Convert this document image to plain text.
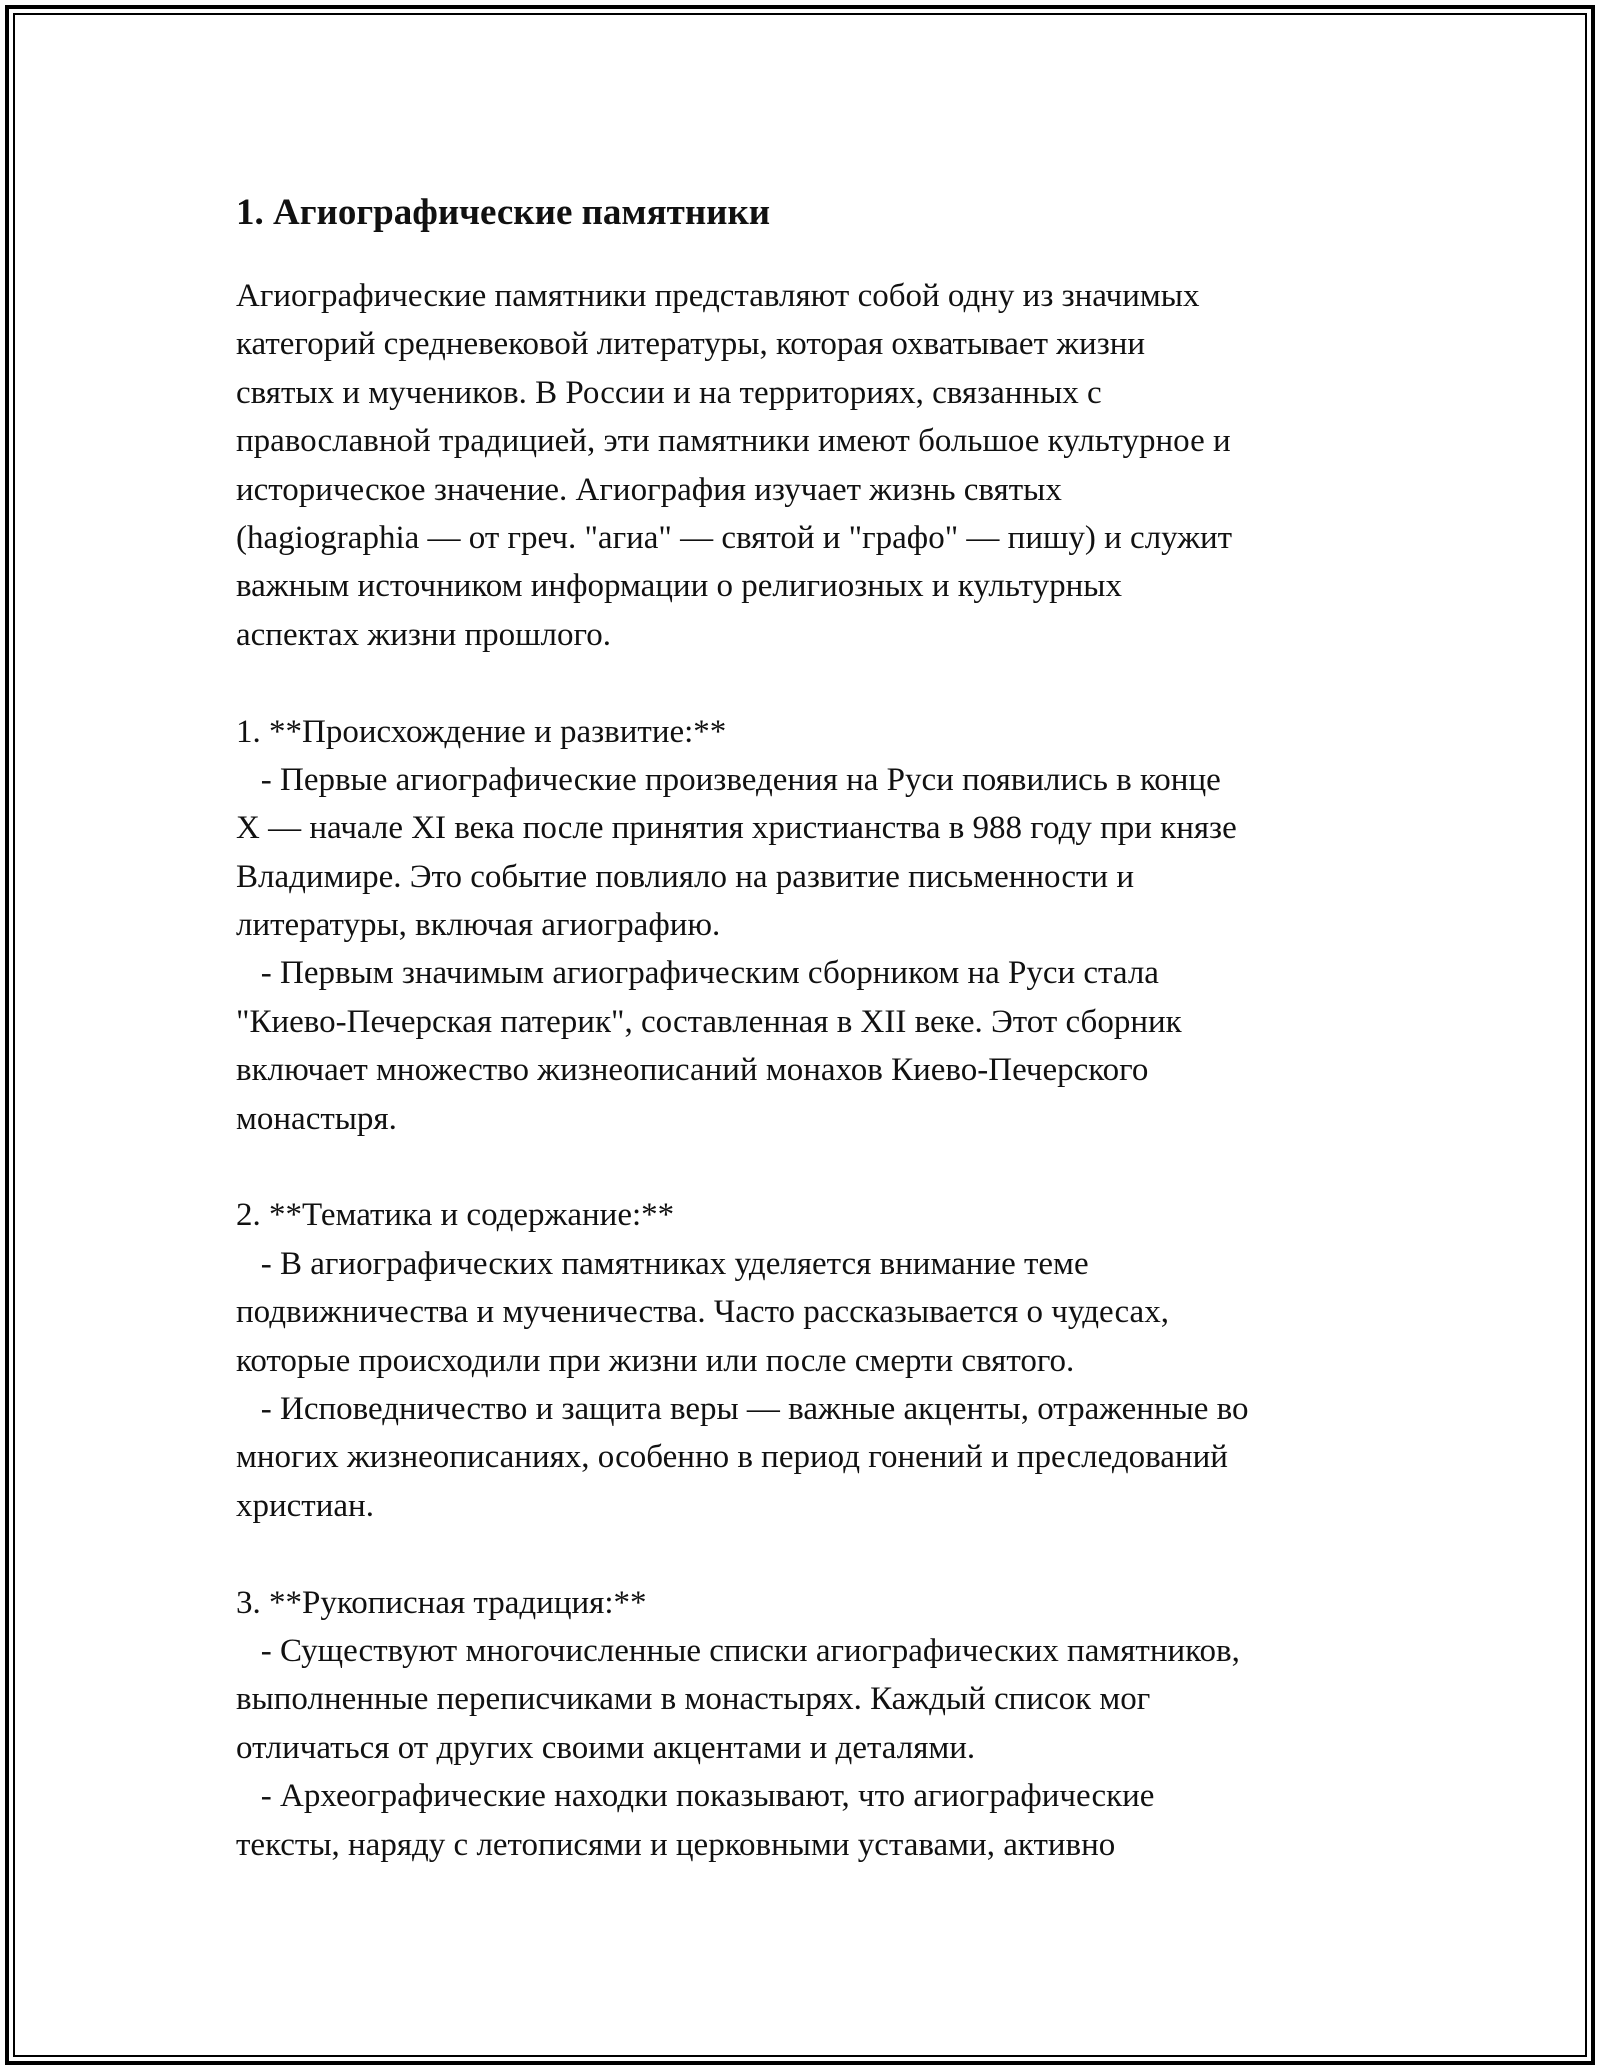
1. Агиографические памятники
Агиографические памятники представляют собой одну из значимых
категорий средневековой литературы, которая охватывает жизни
святых и мучеников. В России и на территориях, связанных с
православной традицией, эти памятники имеют большое культурное и
историческое значение. Агиография изучает жизнь святых
(hagiographia — от греч. "агиа" — святой и "графо" — пишу) и служит
важным источником информации о религиозных и культурных
аспектах жизни прошлого.
1. **Происхождение и развитие:**
- Первые агиографические произведения на Руси появились в конце
X — начале XI века после принятия христианства в 988 году при князе
Владимире. Это событие повлияло на развитие письменности и
литературы, включая агиографию.
- Первым значимым агиографическим сборником на Руси стала
"Киево-Печерская патерик", составленная в XII веке. Этот сборник
включает множество жизнеописаний монахов Киево-Печерского
монастыря.
2. **Тематика и содержание:**
- В агиографических памятниках уделяется внимание теме
подвижничества и мученичества. Часто рассказывается о чудесах,
которые происходили при жизни или после смерти святого.
- Исповедничество и защита веры — важные акценты, отраженные во
многих жизнеописаниях, особенно в период гонений и преследований
христиан.
3. **Рукописная традиция:**
- Существуют многочисленные списки агиографических памятников,
выполненные переписчиками в монастырях. Каждый список мог
отличаться от других своими акцентами и деталями.
- Археографические находки показывают, что агиографические
тексты, наряду с летописями и церковными уставами, активно
